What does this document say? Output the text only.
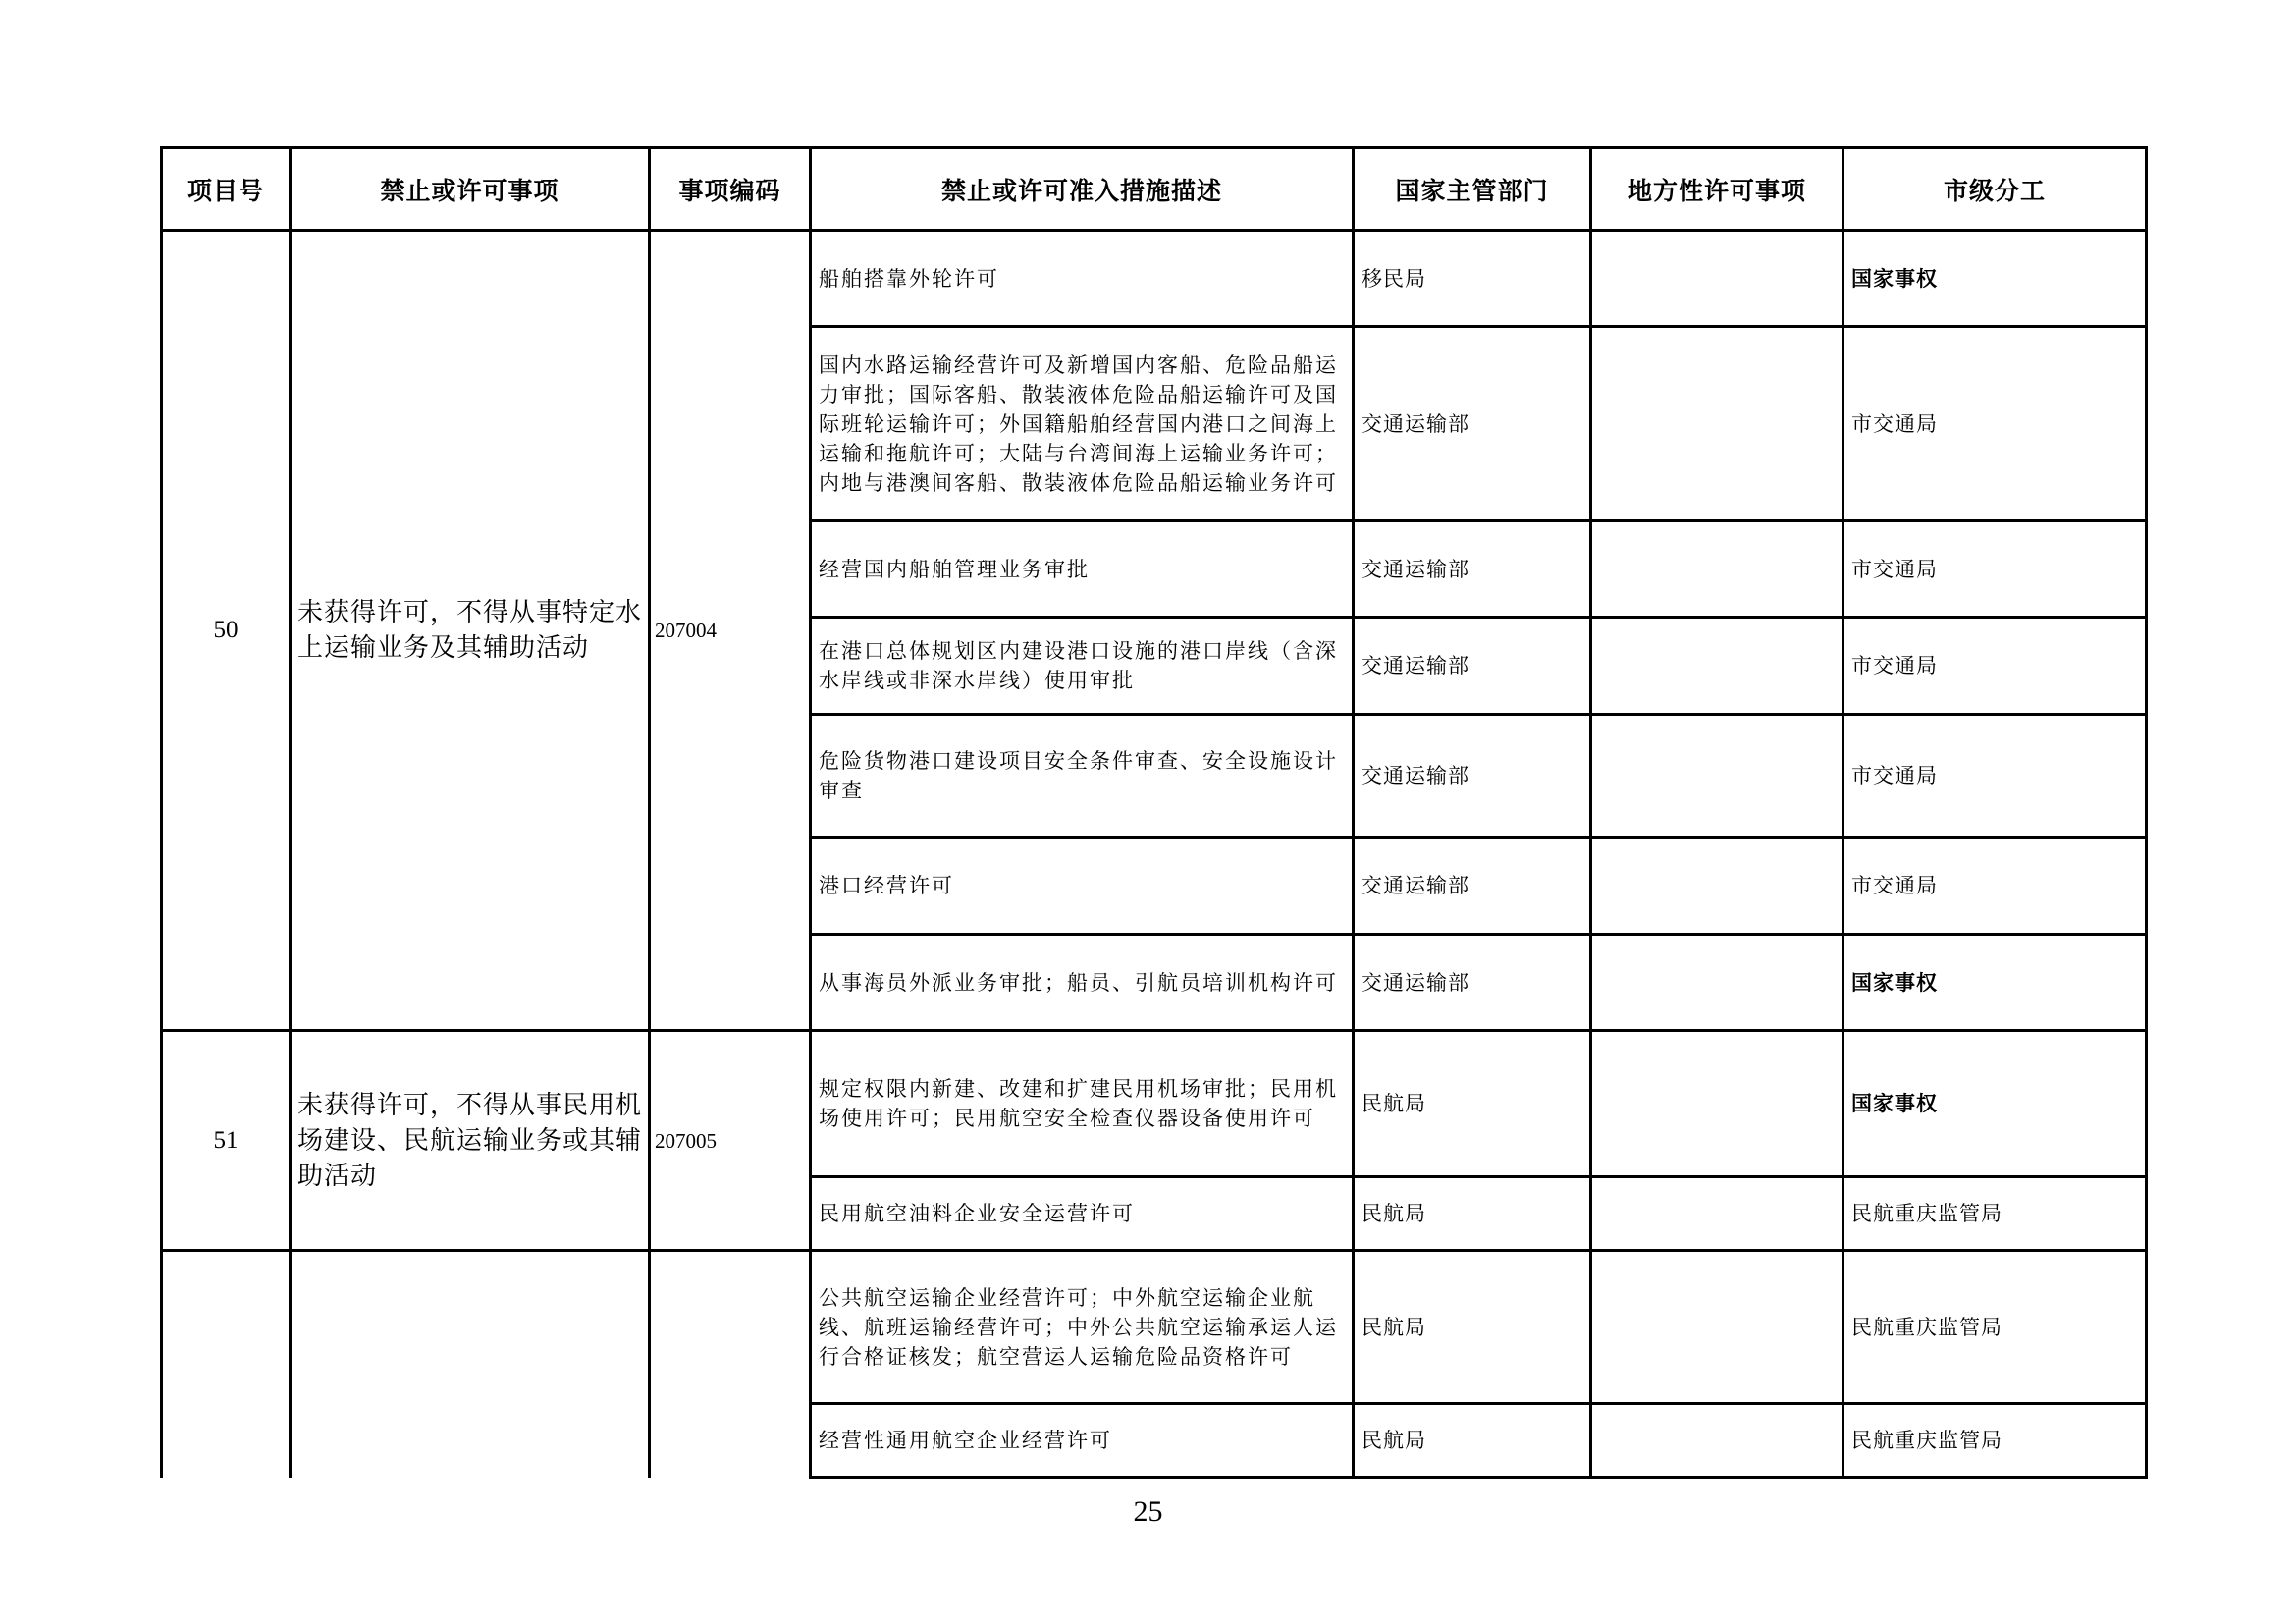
项目号	禁止或许可事项	事项编码	禁止或许可准入措施描述	国家主管部门	地方性许可事项	市级分工
50	未获得许可，不得从事特定水上运输业务及其辅助活动	207004	船舶搭靠外轮许可	移民局		国家事权
			国内水路运输经营许可及新增国内客船、危险品船运力审批；国际客船、散装液体危险品船运输许可及国际班轮运输许可；外国籍船舶经营国内港口之间海上运输和拖航许可；大陆与台湾间海上运输业务许可；内地与港澳间客船、散装液体危险品船运输业务许可	交通运输部		市交通局
			经营国内船舶管理业务审批	交通运输部		市交通局
			在港口总体规划区内建设港口设施的港口岸线（含深水岸线或非深水岸线）使用审批	交通运输部		市交通局
			危险货物港口建设项目安全条件审查、安全设施设计审查	交通运输部		市交通局
			港口经营许可	交通运输部		市交通局
			从事海员外派业务审批；船员、引航员培训机构许可	交通运输部		国家事权
51	未获得许可，不得从事民用机场建设、民航运输业务或其辅助活动	207005	规定权限内新建、改建和扩建民用机场审批；民用机场使用许可；民用航空安全检查仪器设备使用许可	民航局		国家事权
			民用航空油料企业安全运营许可	民航局		民航重庆监管局
			公共航空运输企业经营许可；中外航空运输企业航线、航班运输经营许可；中外公共航空运输承运人运行合格证核发；航空营运人运输危险品资格许可	民航局		民航重庆监管局
			经营性通用航空企业经营许可	民航局		民航重庆监管局
25
